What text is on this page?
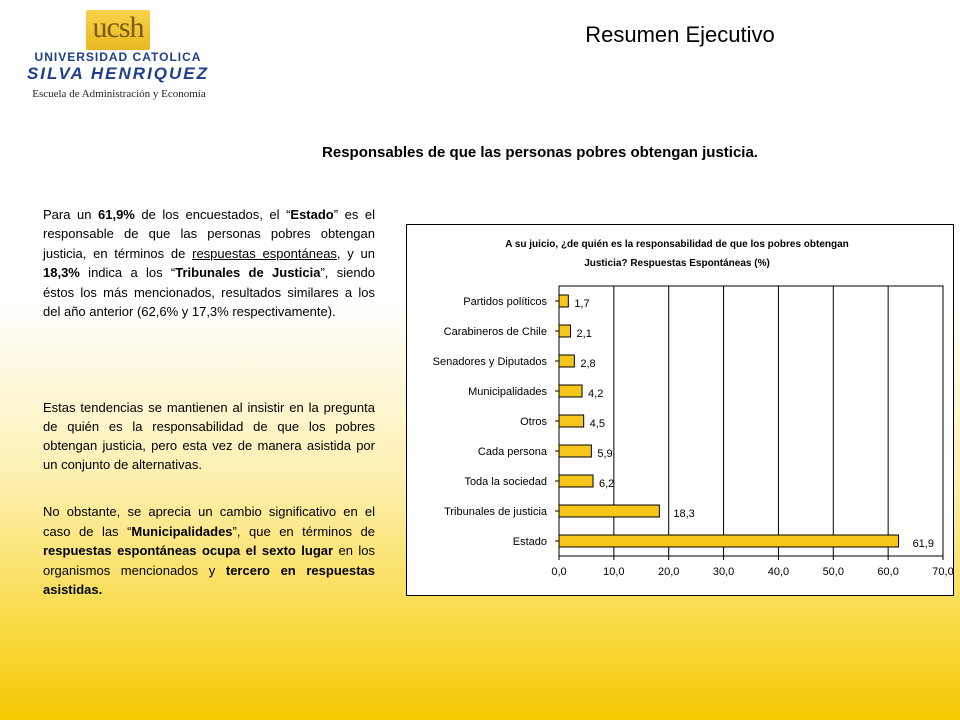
ucsh
UNIVERSIDAD CATOLICA
SILVA HENRIQUEZ
Escuela de Administración y Economía
Resumen Ejecutivo
Responsables de que las personas pobres obtengan justicia.
Para un 61,9% de los encuestados, el “Estado” es el responsable de que las personas pobres obtengan justicia, en términos de respuestas espontáneas, y un 18,3% indica a los “Tribunales de Justicia”, siendo éstos los más mencionados, resultados similares a los del año anterior (62,6% y 17,3% respectivamente).
Estas tendencias se mantienen al insistir en la pregunta de quién es la responsabilidad de que los pobres obtengan justicia, pero esta vez de manera asistida por un conjunto de alternativas.
No obstante, se aprecia un cambio significativo en el caso de las “Municipalidades”, que en términos de respuestas espontáneas ocupa el sexto lugar en los organismos mencionados y tercero en respuestas asistidas.
A su juicio, ¿de quién es la responsabilidad de que los pobres obtengan
Justicia? Respuestas Espontáneas (%)
0,0	10,0	20,0	30,0	40,0	50,0	60,0	70,0
Partidos políticos 1,7
Carabineros de Chile	2,1
Senadores y Diputados	2,8
Municipalidades	4,2
Otros	4,5
Cada persona	5,9
Toda la sociedad	6,2
Tribunales de justicia	18,3
Estado	61,9
